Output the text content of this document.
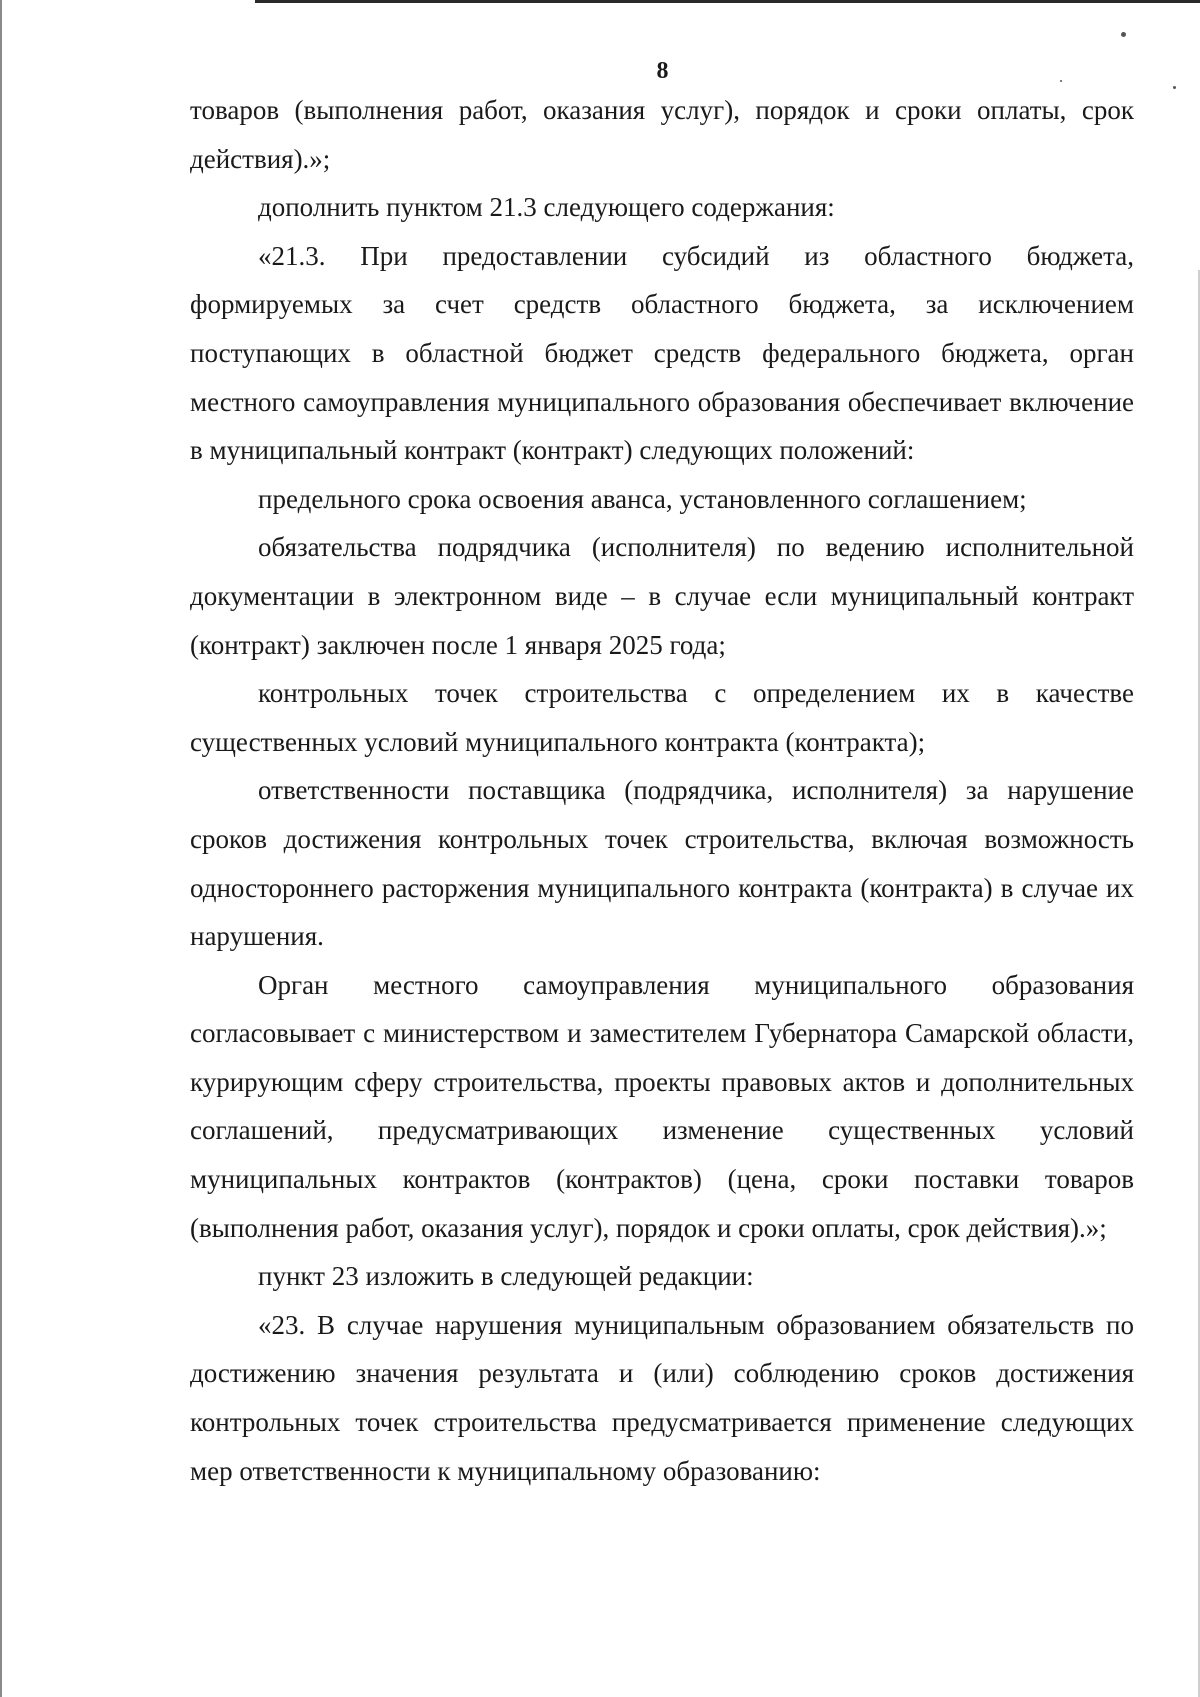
8

товаров (выполнения работ, оказания услуг), порядок и сроки оплаты, срок действия).»;

дополнить пунктом 21.3 следующего содержания:

«21.3. При предоставлении субсидий из областного бюджета, формируемых за счет средств областного бюджета, за исключением поступающих в областной бюджет средств федерального бюджета, орган местного самоуправления муниципального образования обеспечивает включение в муниципальный контракт (контракт) следующих положений:

предельного срока освоения аванса, установленного соглашением;

обязательства подрядчика (исполнителя) по ведению исполнительной документации в электронном виде – в случае если муниципальный контракт (контракт) заключен после 1 января 2025 года;

контрольных точек строительства с определением их в качестве существенных условий муниципального контракта (контракта);

ответственности поставщика (подрядчика, исполнителя) за нарушение сроков достижения контрольных точек строительства, включая возможность одностороннего расторжения муниципального контракта (контракта) в случае их нарушения.

Орган местного самоуправления муниципального образования согласовывает с министерством и заместителем Губернатора Самарской области, курирующим сферу строительства, проекты правовых актов и дополнительных соглашений, предусматривающих изменение существенных условий муниципальных контрактов (контрактов) (цена, сроки поставки товаров (выполнения работ, оказания услуг), порядок и сроки оплаты, срок действия).»;

пункт 23 изложить в следующей редакции:

«23. В случае нарушения муниципальным образованием обязательств по достижению значения результата и (или) соблюдению сроков достижения контрольных точек строительства предусматривается применение следующих мер ответственности к муниципальному образованию:
